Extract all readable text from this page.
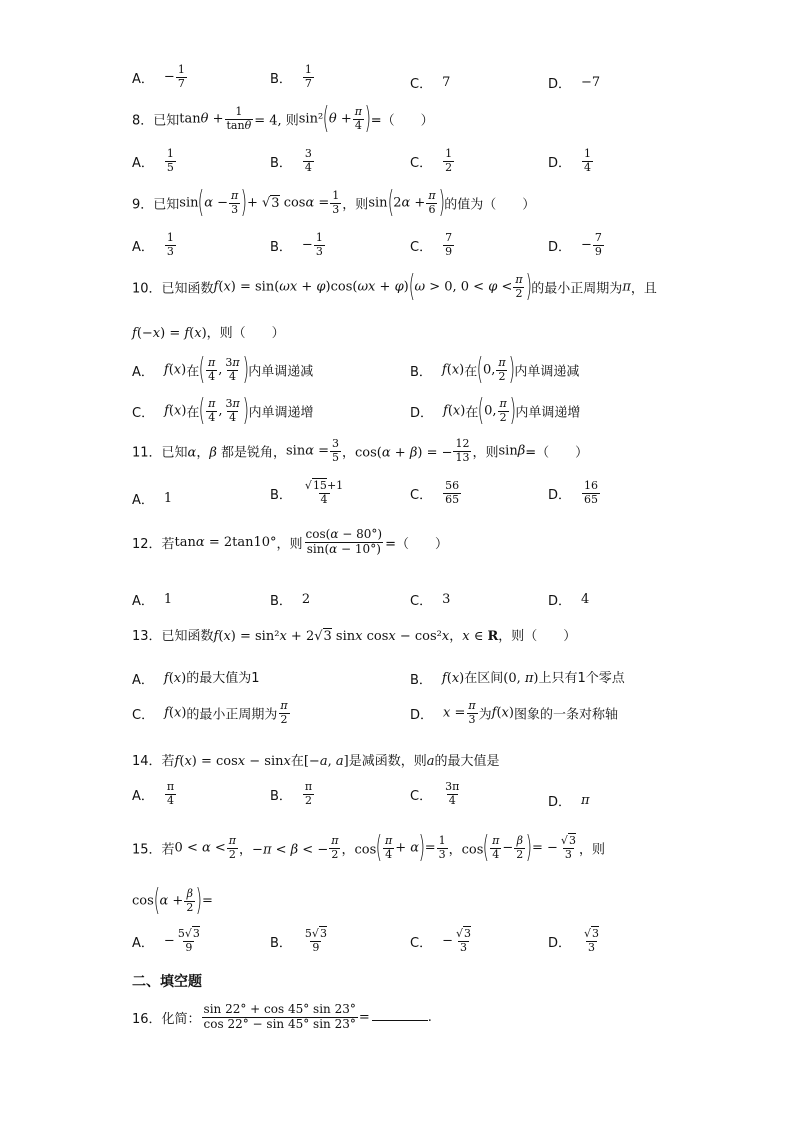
A． − $\frac{1}{7}$	B． $\frac{1}{7}$	C． 7	D． −7
8．已知$\tan\theta + \frac{1}{\tan\theta} = 4$, 则$\sin^2(\theta + \frac{\pi}{4}$ )=（　　）
A． $\frac{1}{5}$	B． $\frac{3}{4}$	C． $\frac{1}{2}$	D． $\frac{1}{4}$
9．已知$\sin(\alpha - \frac{\pi}{3}$ )+ √3 $\cos\alpha = \frac{1}{3}$ ，则$\sin(2\alpha + \frac{\pi}{6}$ )的值为（　　）
A． $\frac{1}{3}$	B． − $\frac{1}{3}$	C． $\frac{7}{9}$	D． − $\frac{7}{9}$
10．已知函数f(x) = sin(ωx + φ)cos(ωx + φ)(ω > 0, $0 < \varphi < \frac{\pi}{2}$ )的最小正周期为π，且
f(−x) = f(x)，则（　　）
A． f(x)在( $\frac{\pi}{4}$ , $\frac{3\pi}{4}$ )内单调递减	B． f(x)在(0, $\frac{\pi}{2}$ )内单调递减
C． f(x)在( $\frac{\pi}{4}$ , $\frac{3\pi}{4}$ )内单调递增	D． f(x)在(0, $\frac{\pi}{2}$ )内单调递增
11．已知α，β 都是锐角，$\sin\alpha = \frac{3}{5}$ ，cos(α + β) = − $\frac{12}{13}$ ，则sinβ=（　　）
A． 1	B． $\frac{√15+1}{4}$	C． $\frac{56}{65}$	D． $\frac{16}{65}$
12．若tanα = 2tan10°，则 $\frac{\cos(\alpha - 80^\circ)}{\sin(\alpha - 10^\circ)}$ =（　　）
A． 1	B． 2	C． 3	D． 4
13．已知函数f(x) = sin²x + 2√3 sinx cosx − cos²x，x ∈ R，则（　　）
A． f(x)的最大值为1	B． f(x)在区间(0, π)上只有1个零点
C． f(x)的最小正周期为 $\frac{\pi}{2}$	D． $x = \frac{\pi}{3}$ 为f(x)图象的一条对称轴
14．若f(x) = cosx − sinx在[−a, a]是减函数，则a的最大值是
A． $\frac{\pi}{4}$	B． $\frac{\pi}{2}$	C． $\frac{3\pi}{4}$	D． π
15．若$0 < \alpha < \frac{\pi}{2}$ ，−π < β < − $\frac{\pi}{2}$ ，$\cos( \frac{\pi}{4} + \alpha)= \frac{1}{3}$ ，$\cos( \frac{\pi}{4} - \frac{\beta}{2}$ )= − $\frac{√3}{3}$ ，则
$\cos(\alpha + \frac{\beta}{2}$ )=
A． − $\frac{5√3}{9}$	B． $\frac{5√3}{9}$	C． − $\frac{√3}{3}$	D． $\frac{√3}{3}$
二、填空题
16．化简： $\frac{\sin 22^\circ + \cos 45^\circ \sin 23^\circ}{\cos 22^\circ - \sin 45^\circ \sin 23^\circ}$ =	.
